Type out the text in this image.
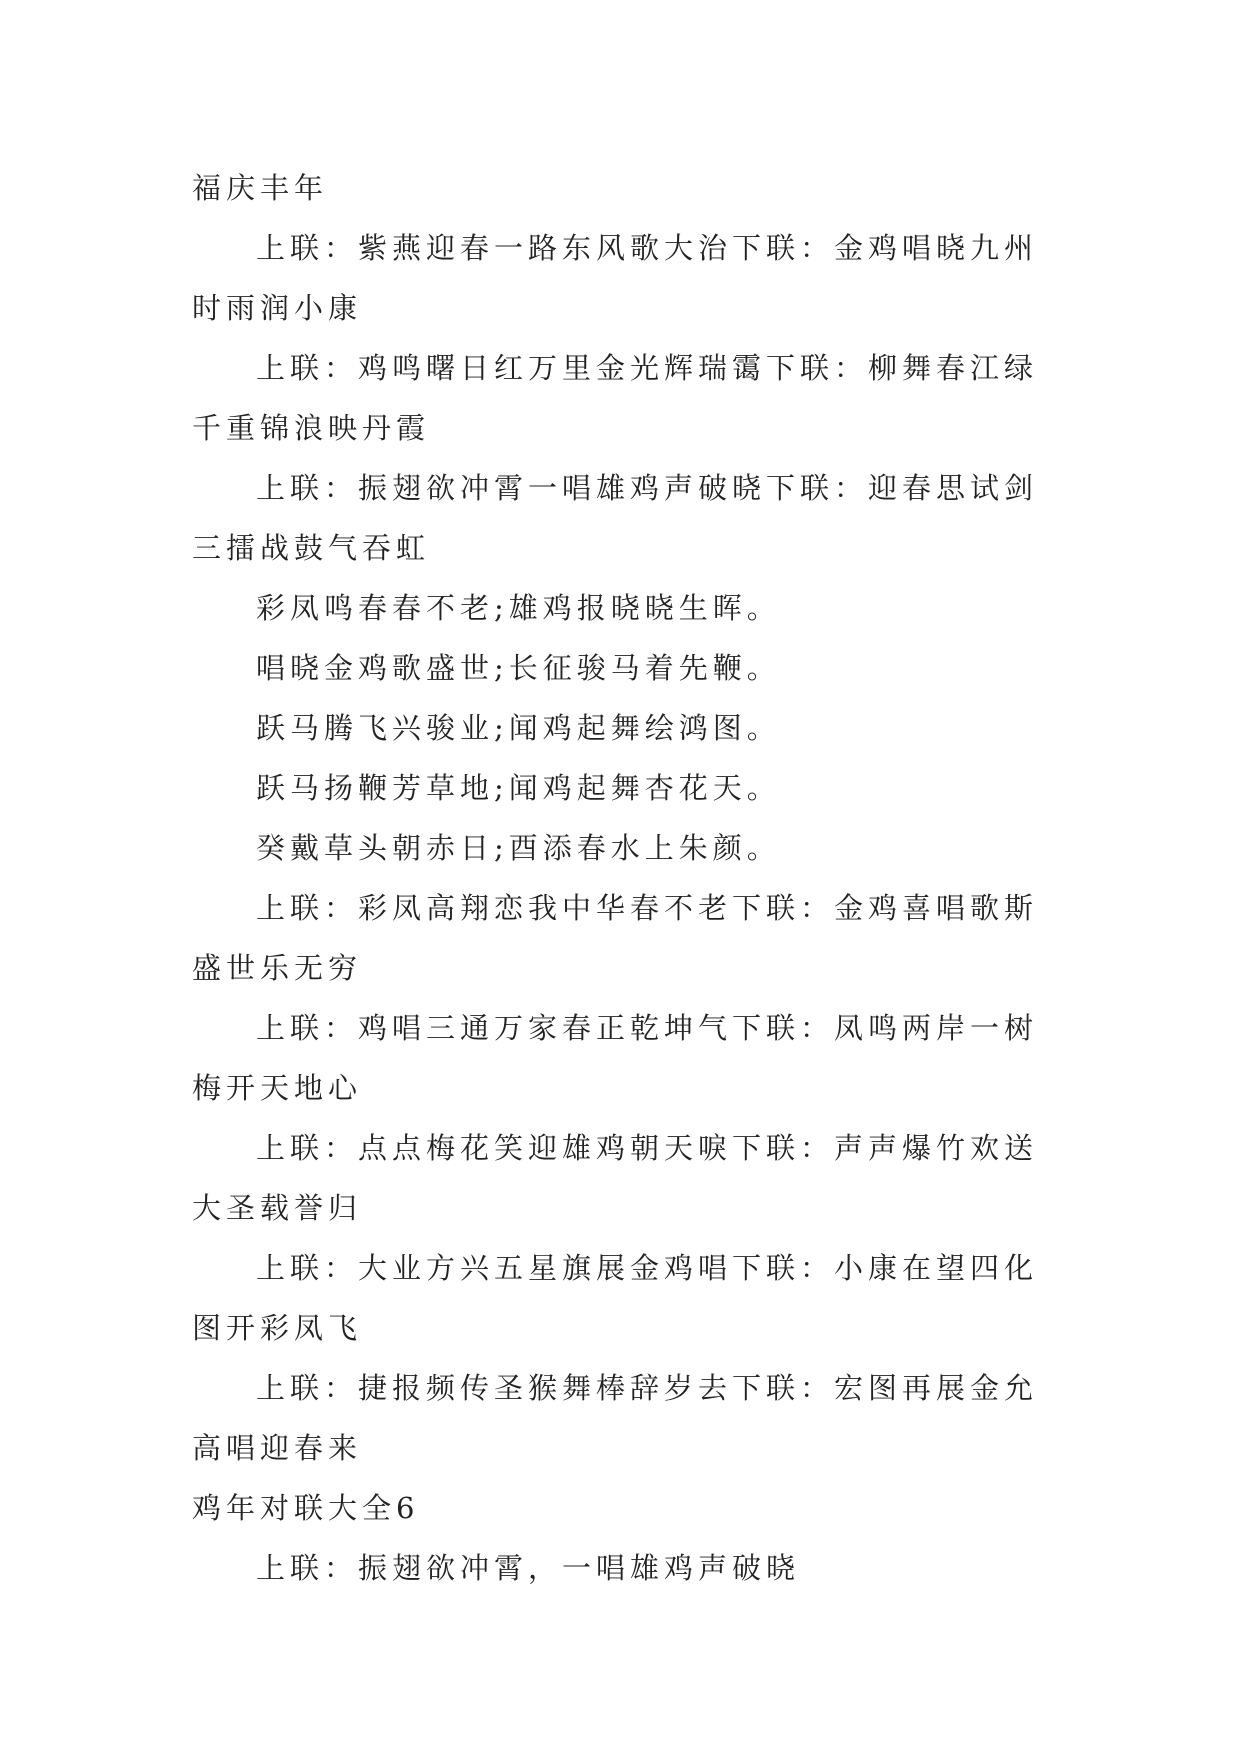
福庆丰年

上联：紫燕迎春一路东风歌大治下联：金鸡唱晓九州时雨润小康

上联：鸡鸣曙日红万里金光辉瑞霭下联：柳舞春江绿千重锦浪映丹霞

上联：振翅欲冲霄一唱雄鸡声破晓下联：迎春思试剑三擂战鼓气吞虹

彩凤鸣春春不老;雄鸡报晓晓生晖。

唱晓金鸡歌盛世;长征骏马着先鞭。

跃马腾飞兴骏业;闻鸡起舞绘鸿图。

跃马扬鞭芳草地;闻鸡起舞杏花天。

癸戴草头朝赤日;酉添春水上朱颜。

上联：彩凤高翔恋我中华春不老下联：金鸡喜唱歌斯盛世乐无穷

上联：鸡唱三通万家春正乾坤气下联：凤鸣两岸一树梅开天地心

上联：点点梅花笑迎雄鸡朝天唳下联：声声爆竹欢送大圣载誉归

上联：大业方兴五星旗展金鸡唱下联：小康在望四化图开彩凤飞

上联：捷报频传圣猴舞棒辞岁去下联：宏图再展金允高唱迎春来

鸡年对联大全6

上联：振翅欲冲霄，一唱雄鸡声破晓
